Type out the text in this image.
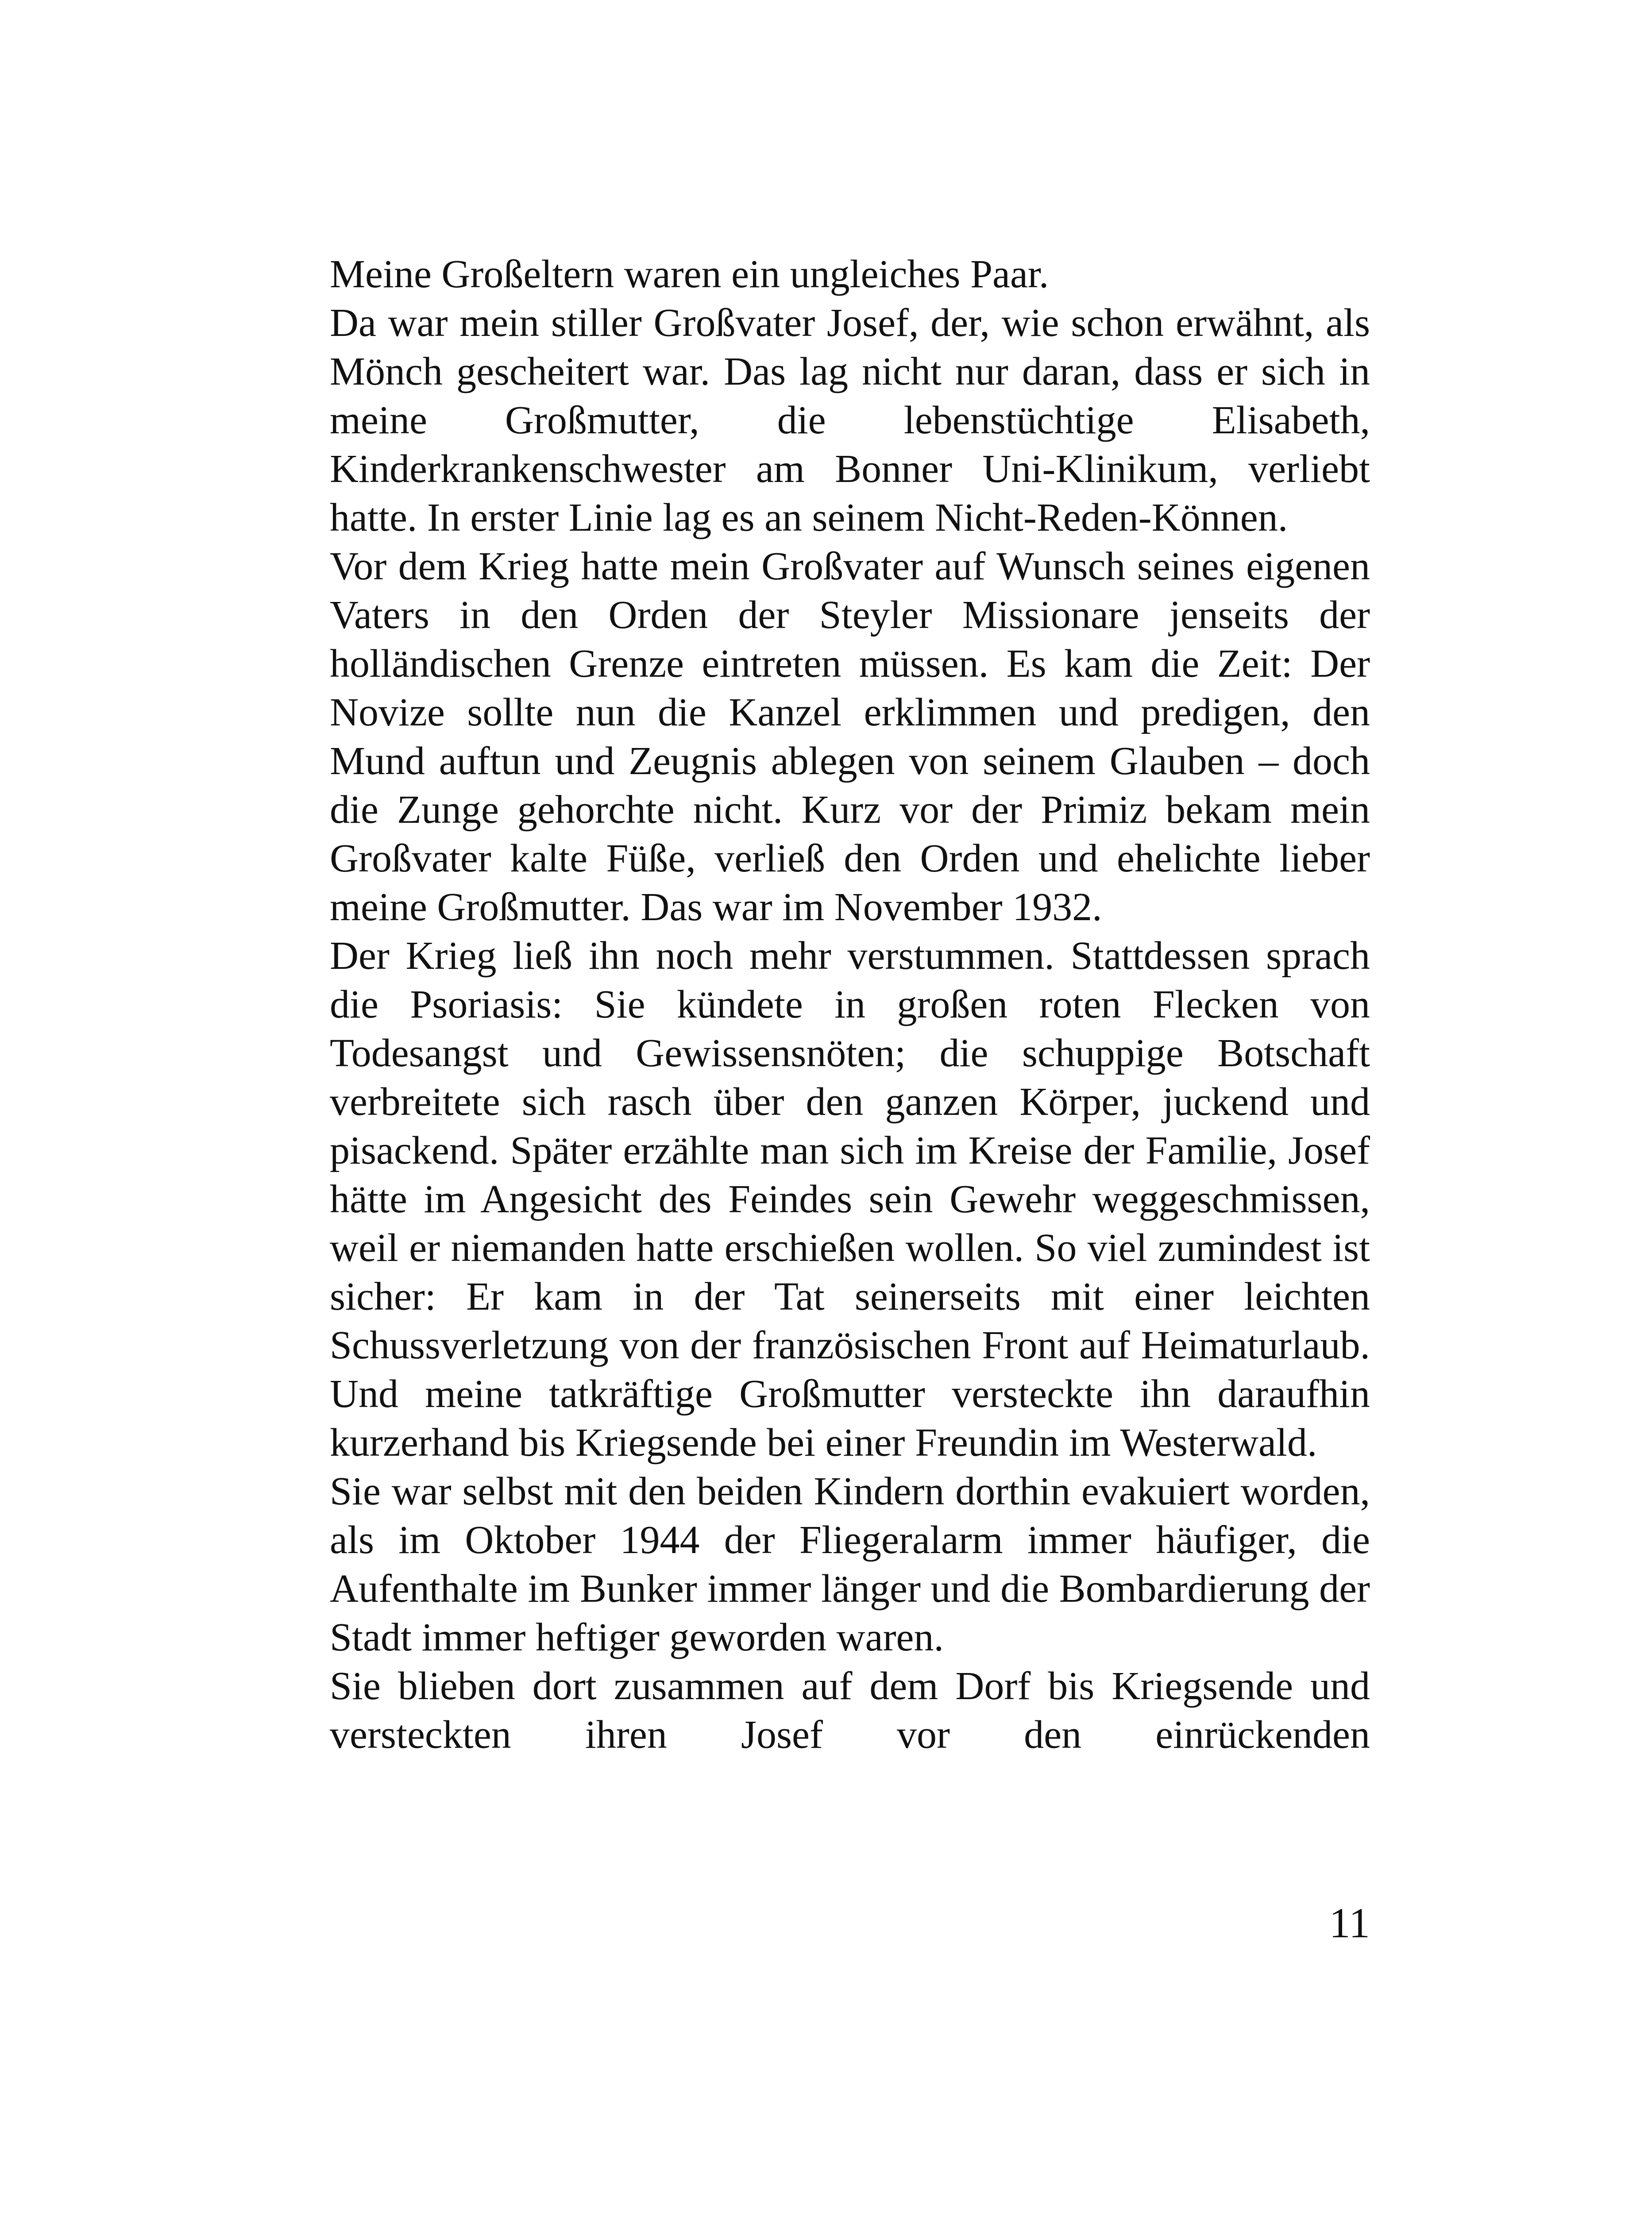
Meine Großeltern waren ein ungleiches Paar.

Da war mein stiller Großvater Josef, der, wie schon erwähnt, als Mönch gescheitert war. Das lag nicht nur daran, dass er sich in meine Großmutter, die lebenstüchtige Elisabeth, Kinderkrankenschwester am Bonner Uni-Klinikum, verliebt hatte. In erster Linie lag es an seinem Nicht-Reden-Können.

Vor dem Krieg hatte mein Großvater auf Wunsch seines eigenen Vaters in den Orden der Steyler Missionare jenseits der holländischen Grenze eintreten müssen. Es kam die Zeit: Der Novize sollte nun die Kanzel erklimmen und predigen, den Mund auftun und Zeugnis ablegen von seinem Glauben – doch die Zunge gehorchte nicht. Kurz vor der Primiz bekam mein Großvater kalte Füße, verließ den Orden und ehelichte lieber meine Großmutter. Das war im November 1932.

Der Krieg ließ ihn noch mehr verstummen. Stattdessen sprach die Psoriasis: Sie kündete in großen roten Flecken von Todesangst und Gewissensnöten; die schuppige Botschaft verbreitete sich rasch über den ganzen Körper, juckend und pisackend. Später erzählte man sich im Kreise der Familie, Josef hätte im Angesicht des Feindes sein Gewehr weggeschmissen, weil er niemanden hatte erschießen wollen. So viel zumindest ist sicher: Er kam in der Tat seinerseits mit einer leichten Schussverletzung von der französischen Front auf Heimaturlaub. Und meine tatkräftige Großmutter versteckte ihn daraufhin kurzerhand bis Kriegsende bei einer Freundin im Westerwald.

Sie war selbst mit den beiden Kindern dorthin evakuiert worden, als im Oktober 1944 der Fliegeralarm immer häufiger, die Aufenthalte im Bunker immer länger und die Bombardierung der Stadt immer heftiger geworden waren.

Sie blieben dort zusammen auf dem Dorf bis Kriegsende und versteckten ihren Josef vor den einrückenden

11
